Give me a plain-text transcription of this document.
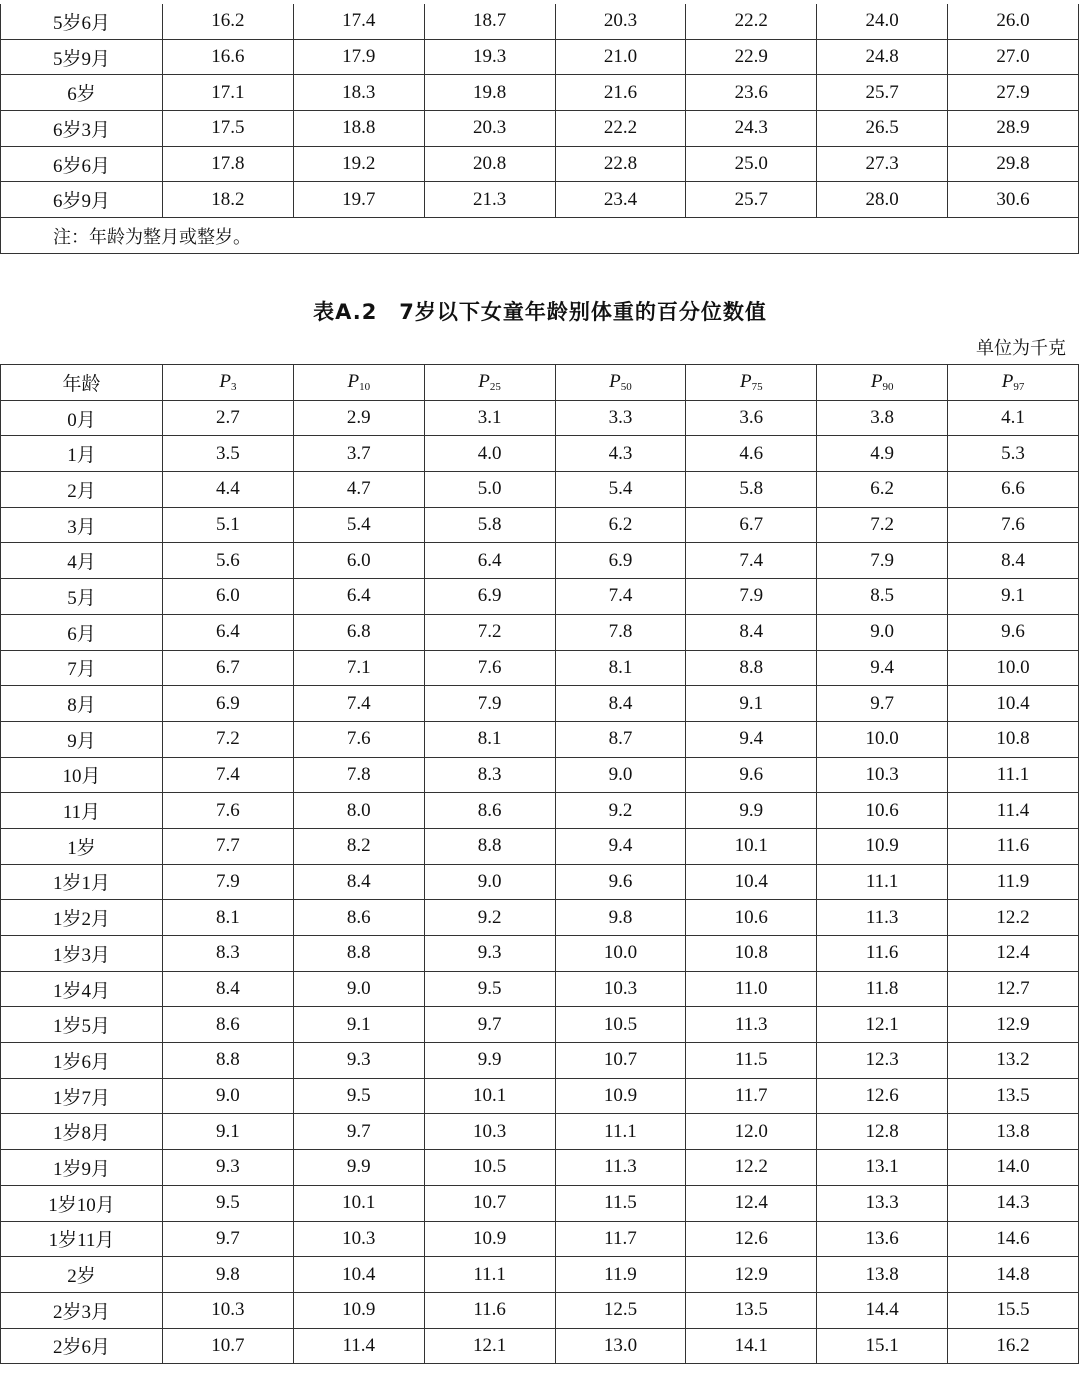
5岁6月	16.2	17.4	18.7	20.3	22.2	24.0	26.0
5岁9月	16.6	17.9	19.3	21.0	22.9	24.8	27.0
6岁	17.1	18.3	19.8	21.6	23.6	25.7	27.9
6岁3月	17.5	18.8	20.3	22.2	24.3	26.5	28.9
6岁6月	17.8	19.2	20.8	22.8	25.0	27.3	29.8
6岁9月	18.2	19.7	21.3	23.4	25.7	28.0	30.6
注：年龄为整月或整岁。							
表A.2　7岁以下女童年龄别体重的百分位数值
单位为千克
年龄	$P_3$	$P_{10}$	$P_{25}$	$P_{50}$	$P_{75}$	$P_{90}$	$P_{97}$
0月	2.7	2.9	3.1	3.3	3.6	3.8	4.1
1月	3.5	3.7	4.0	4.3	4.6	4.9	5.3
2月	4.4	4.7	5.0	5.4	5.8	6.2	6.6
3月	5.1	5.4	5.8	6.2	6.7	7.2	7.6
4月	5.6	6.0	6.4	6.9	7.4	7.9	8.4
5月	6.0	6.4	6.9	7.4	7.9	8.5	9.1
6月	6.4	6.8	7.2	7.8	8.4	9.0	9.6
7月	6.7	7.1	7.6	8.1	8.8	9.4	10.0
8月	6.9	7.4	7.9	8.4	9.1	9.7	10.4
9月	7.2	7.6	8.1	8.7	9.4	10.0	10.8
10月	7.4	7.8	8.3	9.0	9.6	10.3	11.1
11月	7.6	8.0	8.6	9.2	9.9	10.6	11.4
1岁	7.7	8.2	8.8	9.4	10.1	10.9	11.6
1岁1月	7.9	8.4	9.0	9.6	10.4	11.1	11.9
1岁2月	8.1	8.6	9.2	9.8	10.6	11.3	12.2
1岁3月	8.3	8.8	9.3	10.0	10.8	11.6	12.4
1岁4月	8.4	9.0	9.5	10.3	11.0	11.8	12.7
1岁5月	8.6	9.1	9.7	10.5	11.3	12.1	12.9
1岁6月	8.8	9.3	9.9	10.7	11.5	12.3	13.2
1岁7月	9.0	9.5	10.1	10.9	11.7	12.6	13.5
1岁8月	9.1	9.7	10.3	11.1	12.0	12.8	13.8
1岁9月	9.3	9.9	10.5	11.3	12.2	13.1	14.0
1岁10月	9.5	10.1	10.7	11.5	12.4	13.3	14.3
1岁11月	9.7	10.3	10.9	11.7	12.6	13.6	14.6
2岁	9.8	10.4	11.1	11.9	12.9	13.8	14.8
2岁3月	10.3	10.9	11.6	12.5	13.5	14.4	15.5
2岁6月	10.7	11.4	12.1	13.0	14.1	15.1	16.2
